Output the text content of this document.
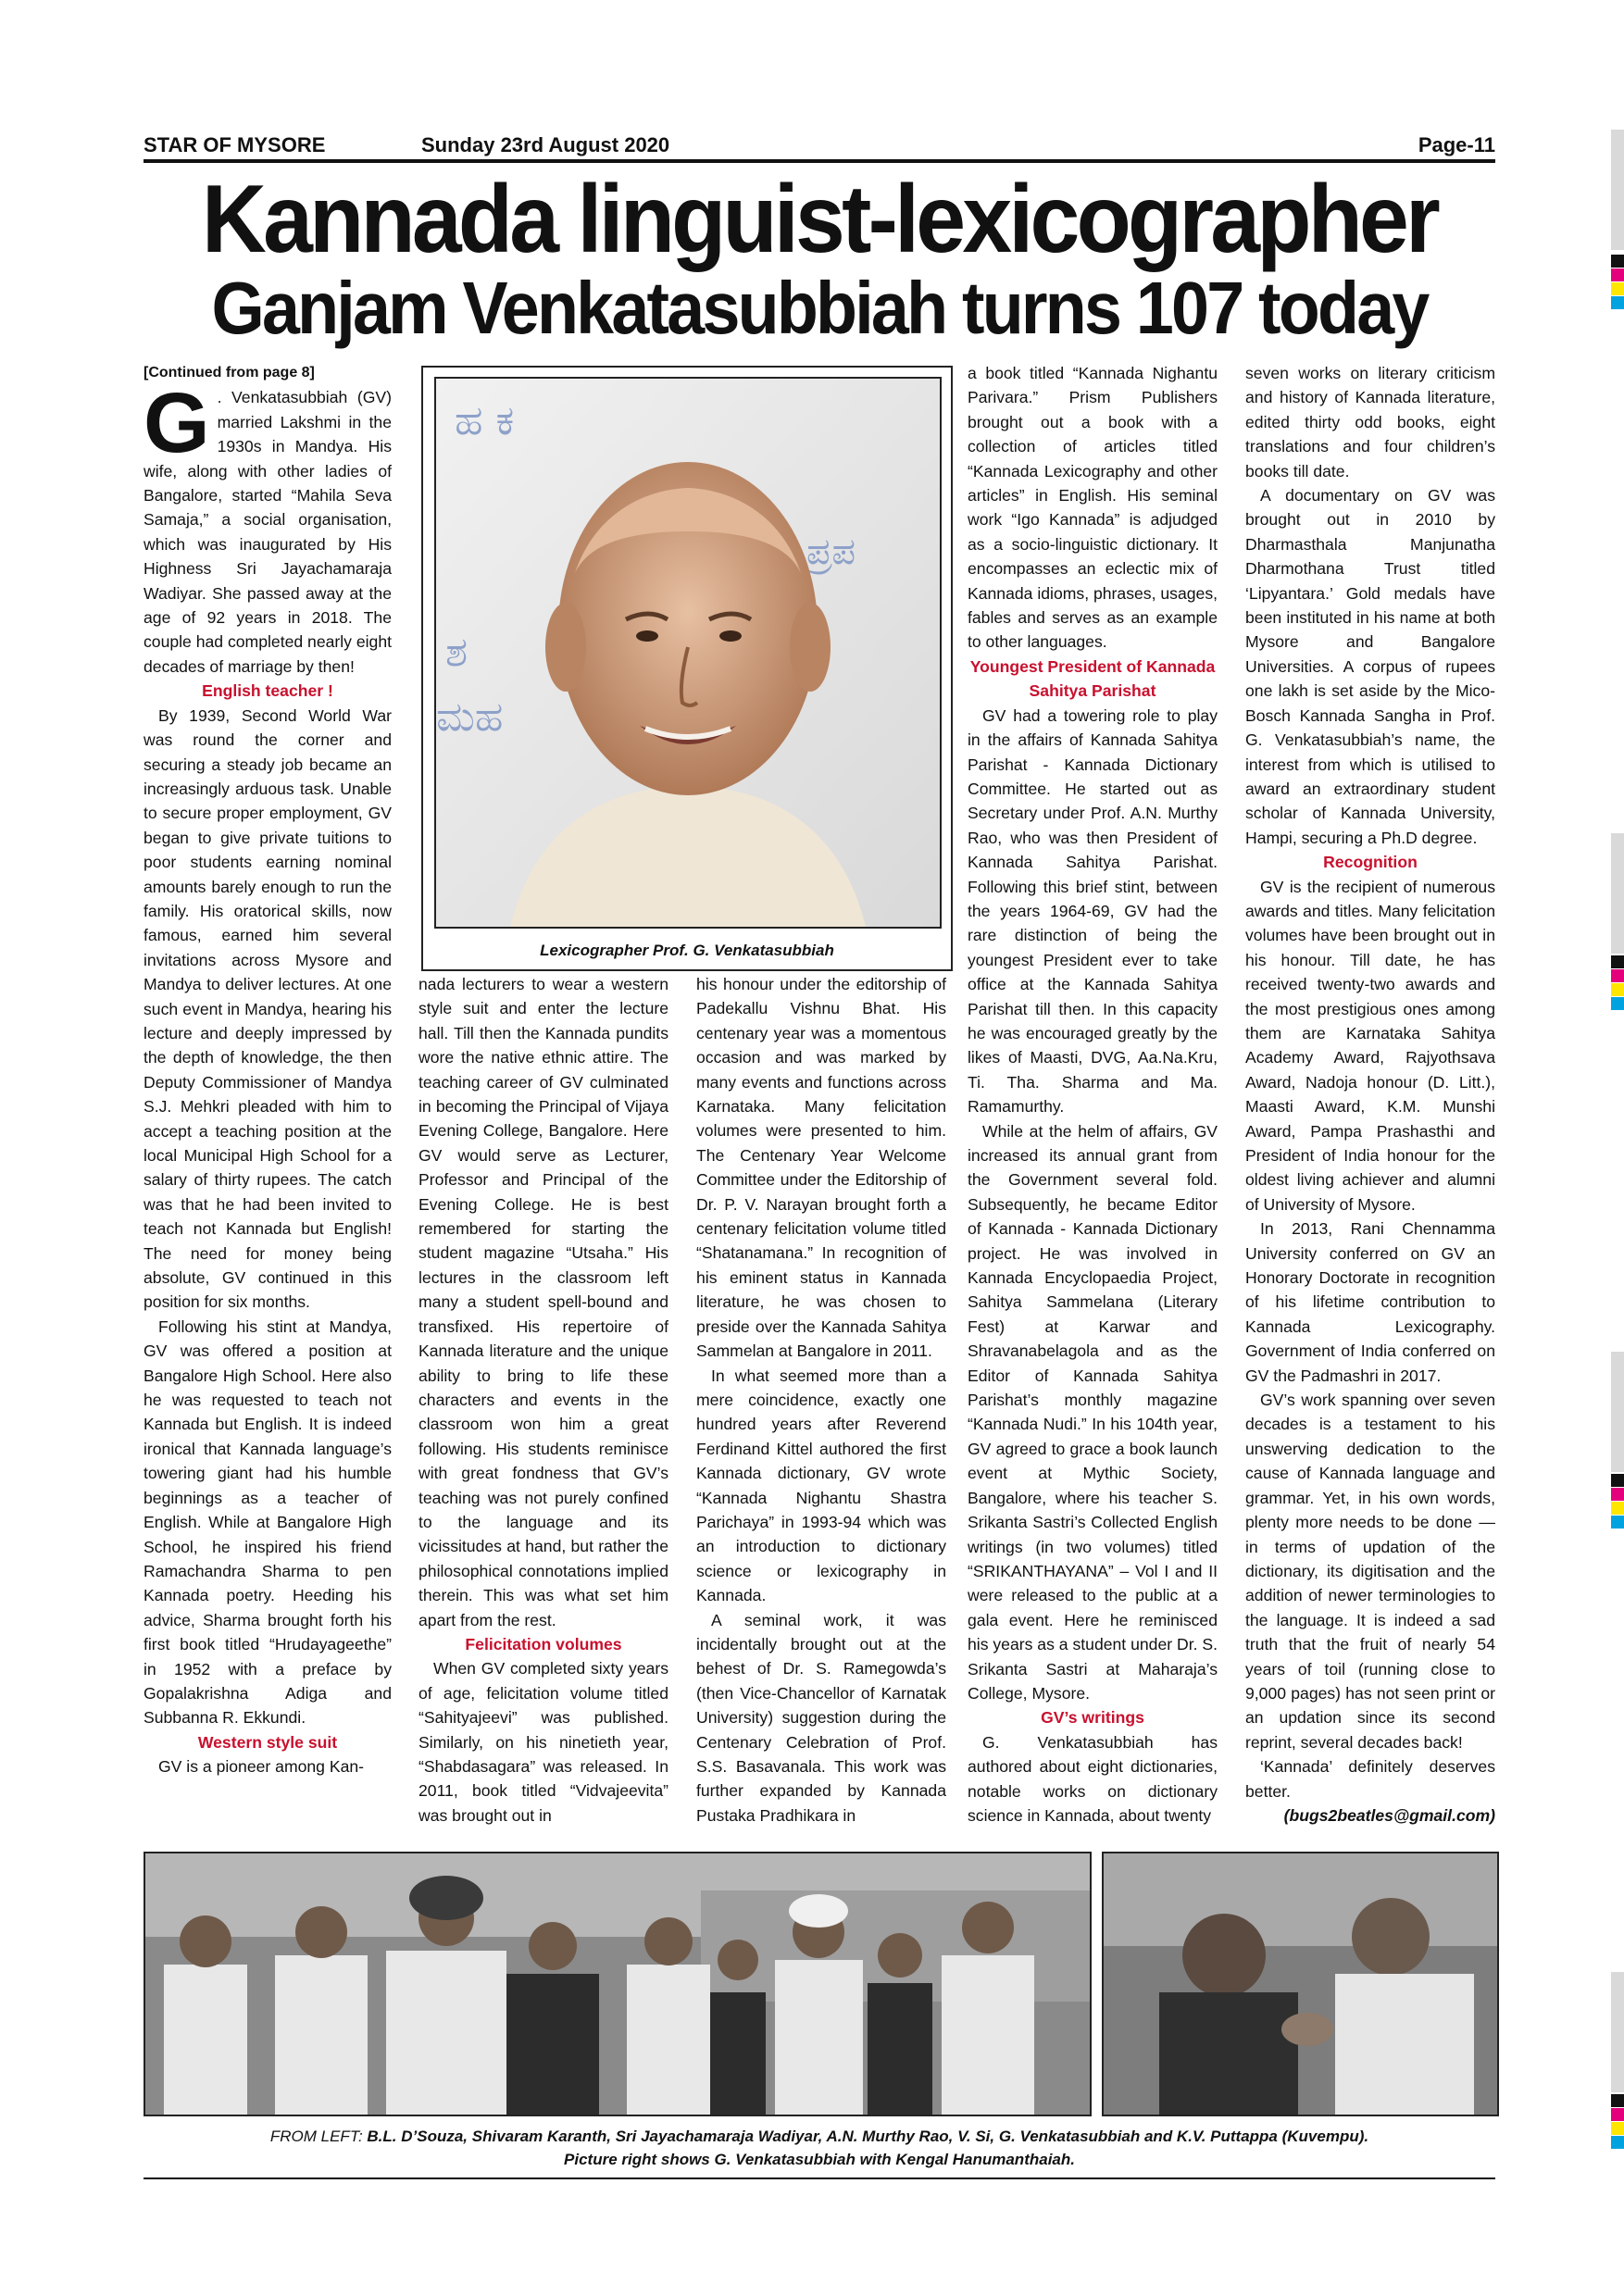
STAR OF MYSORE	Sunday 23rd August 2020	Page-11
Kannada linguist-lexicographer
Ganjam Venkatasubbiah turns 107 today

[Continued from page 8]

G . Venkatasubbiah (GV) married Lakshmi in the 1930s in Mandya. His wife, along with other ladies of Bangalore, started “Mahila Seva Samaja,” a social organisation, which was inaugurated by His Highness Sri Jayachamaraja Wadiyar. She passed away at the age of 92 years in 2018. The couple had completed nearly eight decades of marriage by then!

English teacher !

By 1939, Second World War was round the corner and securing a steady job became an increasingly arduous task. Unable to secure proper employment, GV began to give private tuitions to poor students earning nominal amounts barely enough to run the family. His oratorical skills, now famous, earned him several invitations across Mysore and Mandya to deliver lectures. At one such event in Mandya, hearing his lecture and deeply impressed by the depth of knowledge, the then Deputy Commissioner of Mandya S.J. Mehkri pleaded with him to accept a teaching position at the local Municipal High School for a salary of thirty rupees. The catch was that he had been invited to teach not Kannada but English! The need for money being absolute, GV continued in this position for six months.

Following his stint at Mandya, GV was offered a position at Bangalore High School. Here also he was requested to teach not Kannada but English. It is indeed ironical that Kannada language’s towering giant had his humble beginnings as a teacher of English. While at Bangalore High School, he inspired his friend Ramachandra Sharma to pen Kannada poetry. Heeding his advice, Sharma brought forth his first book titled “Hrudayageethe” in 1952 with a preface by Gopalakrishna Adiga and Subbanna R. Ekkundi.

Western style suit

GV is a pioneer among Kan-

ಹ ಕ
ಪ್ರಪ
ಶ
ಮಹ
Lexicographer Prof. G. Venkatasubbiah

nada lecturers to wear a western style suit and enter the lecture hall. Till then the Kannada pundits wore the native ethnic attire. The teaching career of GV culminated in becoming the Principal of Vijaya Evening College, Bangalore. Here GV would serve as Lecturer, Professor and Principal of the Evening College. He is best remembered for starting the student magazine “Utsaha.” His lectures in the classroom left many a student spell-bound and transfixed. His repertoire of Kannada literature and the unique ability to bring to life these characters and events in the classroom won him a great following. His students reminisce with great fondness that GV’s teaching was not purely confined to the language and its vicissitudes at hand, but rather the philosophical connotations implied therein. This was what set him apart from the rest.

Felicitation volumes

When GV completed sixty years of age, felicitation volume titled “Sahityajeevi” was published. Similarly, on his ninetieth year, “Shabdasagara” was released. In 2011, book titled “Vidvajeevita” was brought out in

his honour under the editorship of Padekallu Vishnu Bhat. His centenary year was a momentous occasion and was marked by many events and functions across Karnataka. Many felicitation volumes were presented to him. The Centenary Year Welcome Committee under the Editorship of Dr. P. V. Narayan brought forth a centenary felicitation volume titled “Shatanamana.” In recognition of his eminent status in Kannada literature, he was chosen to preside over the Kannada Sahitya Sammelan at Bangalore in 2011.

In what seemed more than a mere coincidence, exactly one hundred years after Reverend Ferdinand Kittel authored the first Kannada dictionary, GV wrote “Kannada Nighantu Shastra Parichaya” in 1993-94 which was an introduction to dictionary science or lexicography in Kannada.

A seminal work, it was incidentally brought out at the behest of Dr. S. Ramegowda’s (then Vice-Chancellor of Karnatak University) suggestion during the Centenary Celebration of Prof. S.S. Basavanala. This work was further expanded by Kannada Pustaka Pradhikara in

a book titled “Kannada Nighantu Parivara.” Prism Publishers brought out a book with a collection of articles titled “Kannada Lexicography and other articles” in English. His seminal work “Igo Kannada” is adjudged as a socio-linguistic dictionary. It encompasses an eclectic mix of Kannada idioms, phrases, usages, fables and serves as an example to other languages.

Youngest President of Kannada Sahitya Parishat

GV had a towering role to play in the affairs of Kannada Sahitya Parishat - Kannada Dictionary Committee. He started out as Secretary under Prof. A.N. Murthy Rao, who was then President of Kannada Sahitya Parishat. Following this brief stint, between the years 1964-69, GV had the rare distinction of being the youngest President ever to take office at the Kannada Sahitya Parishat till then. In this capacity he was encouraged greatly by the likes of Maasti, DVG, Aa.Na.Kru, Ti. Tha. Sharma and Ma. Ramamurthy.

While at the helm of affairs, GV increased its annual grant from the Government several fold. Subsequently, he became Editor of Kannada - Kannada Dictionary project. He was involved in Kannada Encyclopaedia Project, Sahitya Sammelana (Literary Fest) at Karwar and Shravanabelagola and as the Editor of Kannada Sahitya Parishat’s monthly magazine “Kannada Nudi.” In his 104th year, GV agreed to grace a book launch event at Mythic Society, Bangalore, where his teacher S. Srikanta Sastri’s Collected English writings (in two volumes) titled “SRIKANTHAYANA” – Vol I and II were released to the public at a gala event. Here he reminisced his years as a student under Dr. S. Srikanta Sastri at Maharaja’s College, Mysore.

GV’s writings

G. Venkatasubbiah has authored about eight dictionaries, notable works on dictionary science in Kannada, about twenty

seven works on literary criticism and history of Kannada literature, edited thirty odd books, eight translations and four children’s books till date.

A documentary on GV was brought out in 2010 by Dharmasthala Manjunatha Dharmothana Trust titled ‘Lipyantara.’ Gold medals have been instituted in his name at both Mysore and Bangalore Universities. A corpus of rupees one lakh is set aside by the Mico-Bosch Kannada Sangha in Prof. G. Venkatasubbiah’s name, the interest from which is utilised to award an extraordinary student scholar of Kannada University, Hampi, securing a Ph.D degree.

Recognition

GV is the recipient of numerous awards and titles. Many felicitation volumes have been brought out in his honour. Till date, he has received twenty-two awards and the most prestigious ones among them are Karnataka Sahitya Academy Award, Rajyothsava Award, Nadoja honour (D. Litt.), Maasti Award, K.M. Munshi Award, Pampa Prashasthi and President of India honour for the oldest living achiever and alumni of University of Mysore.

In 2013, Rani Chennamma University conferred on GV an Honorary Doctorate in recognition of his lifetime contribution to Kannada Lexicography. Government of India conferred on GV the Padmashri in 2017.

GV’s work spanning over seven decades is a testament to his unswerving dedication to the cause of Kannada language and grammar. Yet, in his own words, plenty more needs to be done — in terms of updation of the dictionary, its digitisation and the addition of newer terminologies to the language. It is indeed a sad truth that the fruit of nearly 54 years of toil (running close to 9,000 pages) has not seen print or an updation since its second reprint, several decades back!

‘Kannada’ definitely deserves better.

(bugs2beatles@gmail.com)

FROM LEFT: B.L. D’Souza, Shivaram Karanth, Sri Jayachamaraja Wadiyar, A.N. Murthy Rao, V. Si, G. Venkatasubbiah and K.V. Puttappa (Kuvempu).
Picture right shows G. Venkatasubbiah with Kengal Hanumanthaiah.
